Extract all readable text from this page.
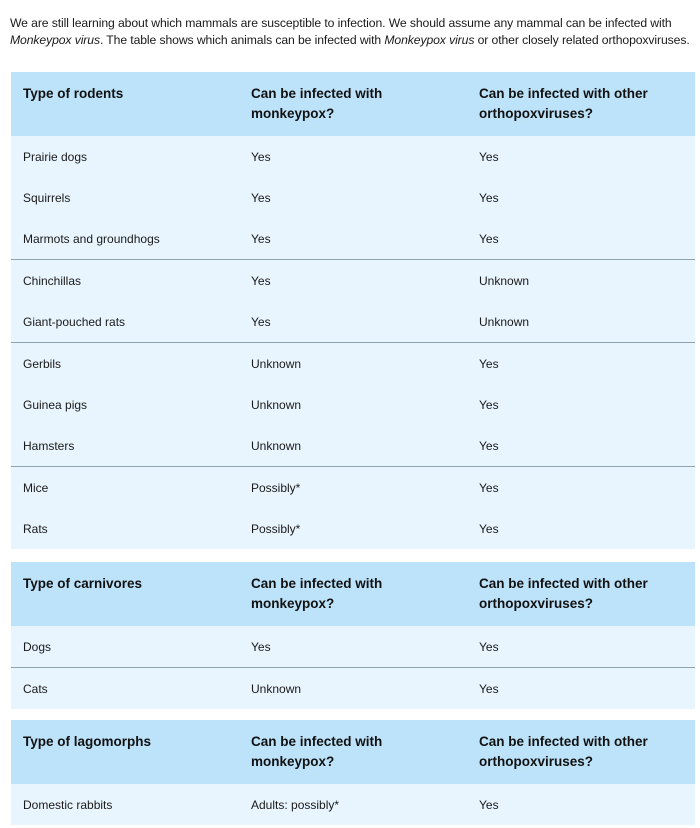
We are still learning about which mammals are susceptible to infection. We should assume any mammal can be infected with Monkeypox virus. The table shows which animals can be infected with Monkeypox virus or other closely related orthopoxviruses.

Type of rodents	Can be infected with monkeypox?	Can be infected with other orthopoxviruses?
Prairie dogs	Yes	Yes
Squirrels	Yes	Yes
Marmots and groundhogs	Yes	Yes
Chinchillas	Yes	Unknown
Giant-pouched rats	Yes	Unknown
Gerbils	Unknown	Yes
Guinea pigs	Unknown	Yes
Hamsters	Unknown	Yes
Mice	Possibly*	Yes
Rats	Possibly*	Yes
Type of carnivores	Can be infected with monkeypox?	Can be infected with other orthopoxviruses?
Dogs	Yes	Yes
Cats	Unknown	Yes
Type of lagomorphs	Can be infected with monkeypox?	Can be infected with other orthopoxviruses?
Domestic rabbits	Adults: possibly*	Yes
